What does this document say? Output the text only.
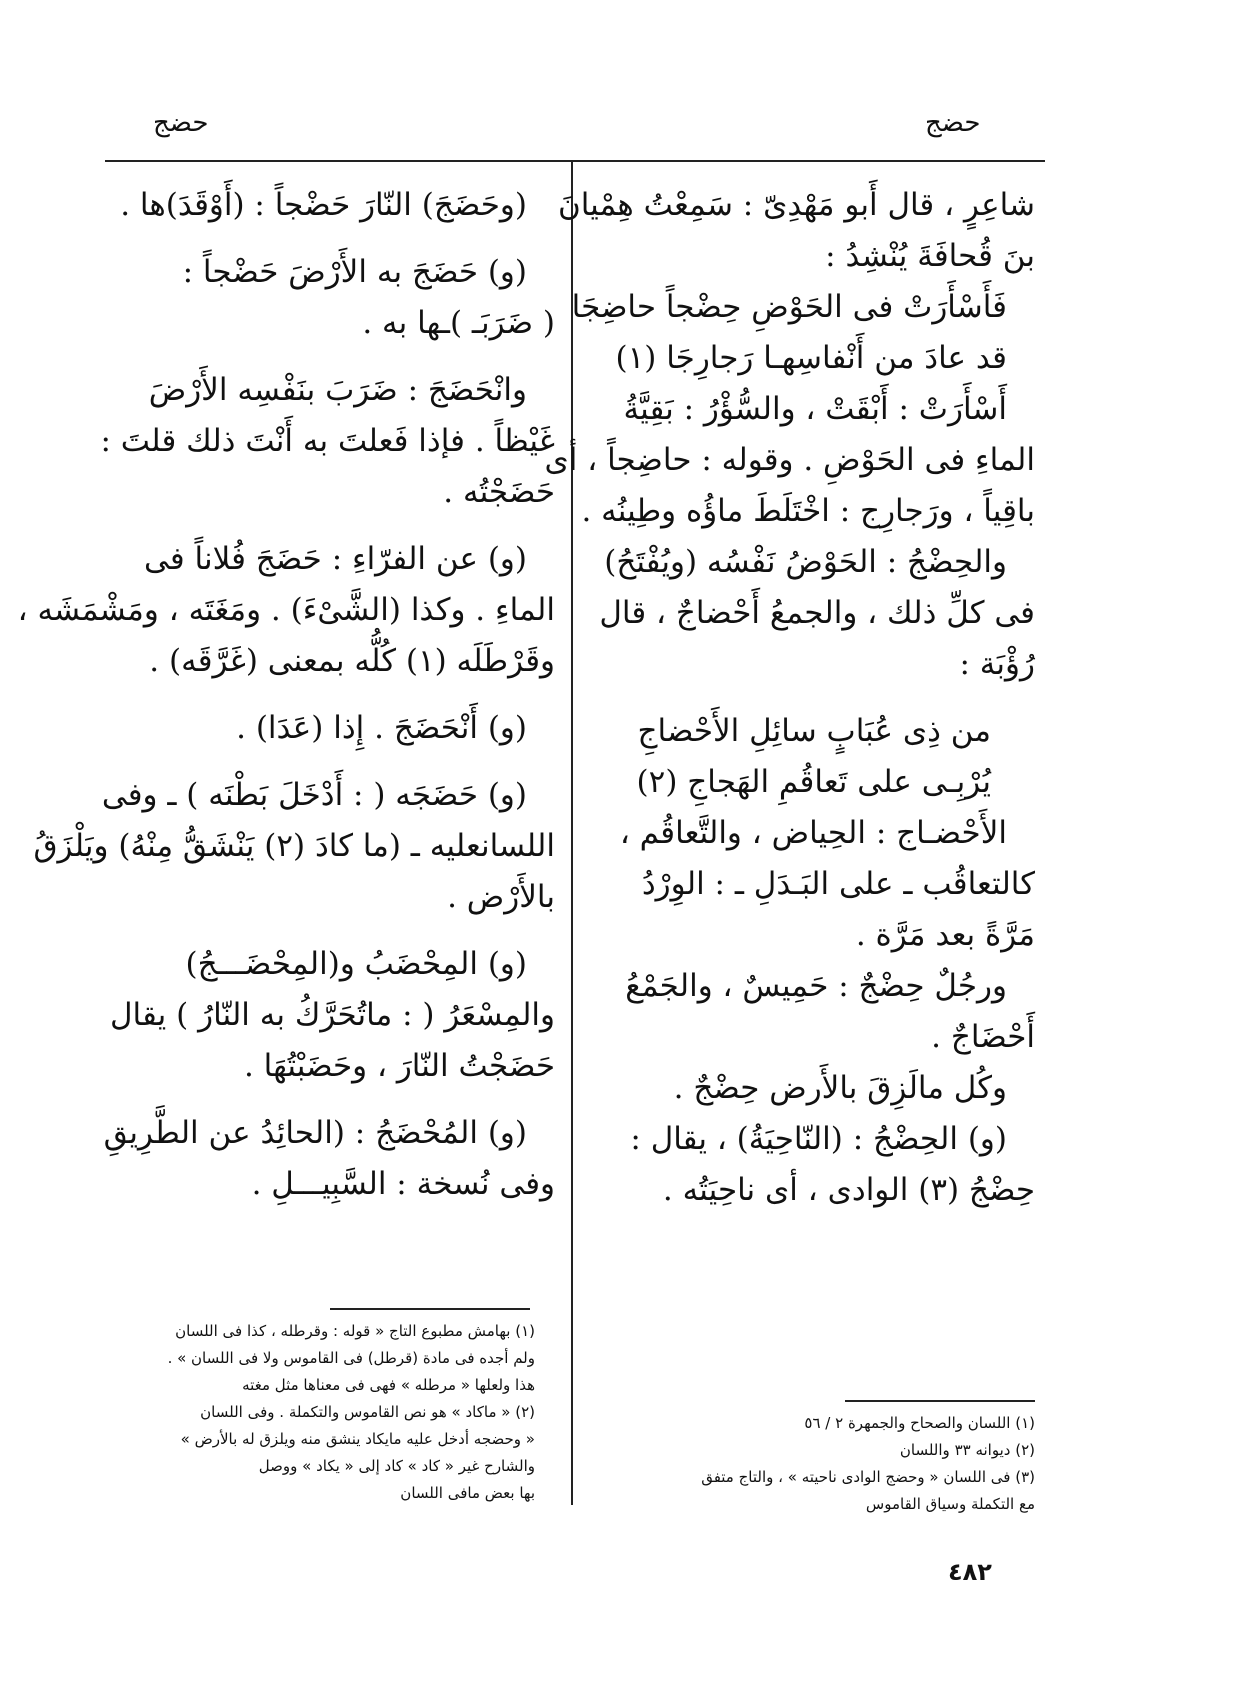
حضج
حضج
شاعِرٍ ، قال أَبو مَهْدِىّ : سَمِعْتُ هِمْيانَ
بنَ قُحافَةَ يُنْشِدُ :
فَأَسْأَرَتْ فى الحَوْضِ حِضْجاً حاضِجَا
قد عادَ من أَنْفاسِهـا رَجارِجَا (١)
أَسْأَرَتْ : أَبْقَتْ ، والسُّؤْرُ : بَقِيَّةُ
الماءِ فى الحَوْضِ . وقوله : حاضِجاً ، أى
باقِياً ، ورَجارِج : اخْتَلَطَ ماؤُه وطِينُه .
والحِضْجُ : الحَوْضُ نَفْسُه (ويُفْتَحُ)
فى كلِّ ذلك ، والجمعُ أَحْضاجٌ ، قال
رُؤْبَة :
من ذِى عُبَابٍ سائِلِ الأَحْضاجِ
يُرْبِـى على تَعاقُمِ الهَجاجِ (٢)
الأَحْضـاج : الحِياض ، والتَّعاقُم ،
كالتعاقُب ـ على البَـدَلِ ـ : الوِرْدُ
مَرَّةً بعد مَرَّة .
ورجُلٌ حِضْجٌ : حَمِيسٌ ، والجَمْعُ
أَحْضَاجٌ .
وكُل مالَزِقَ بالأَرض حِضْجٌ .
(و) الحِضْجُ : (النّاحِيَةُ) ، يقال :
حِضْجُ (٣) الوادى ، أى ناحِيَتُه .
(وحَضَجَ) النّارَ حَضْجاً : (أَوْقَدَ)ها .
(و) حَضَجَ به الأَرْضَ حَضْجاً :
( ضَرَبَـ )ـها به .
وانْحَضَجَ : ضَرَبَ بنَفْسِه الأَرْضَ
غَيْظاً . فإذا فَعلتَ به أَنْتَ ذلك قلتَ :
حَضَجْتُه .
(و) عن الفرّاءِ : حَضَجَ فُلاناً فى
الماءِ . وكذا (الشَّىْءَ) . ومَغَتَه ، ومَشْمَشَه ،
وقَرْطَلَه (١) كُلُّه بمعنى (غَرَّقَه) .
(و) أَنْحَضَجَ . إِذا (عَدَا) .
(و) حَضَجَه ( : أَدْخَلَ بَطْنَه ) ـ وفى
اللسانعليه ـ (ما كادَ (٢) يَنْشَقُّ مِنْهُ) ويَلْزَقُ
بالأَرْض .
(و) المِحْضَبُ و(المِحْضَـــجُ)
والمِسْعَرُ ( : ماتُحَرَّكُ به النّارُ ) يقال
حَضَجْتُ النّارَ ، وحَضَبْتُهَا .
(و) المُحْضَجُ : (الحائِدُ عن الطَّرِيقِ
وفى نُسخة : السَّبِيـــلِ .
(١) بهامش مطبوع التاج « قوله : وقرطله ، كذا فى اللسان
ولم أجده فى مادة (قرطل) فى القاموس ولا فى اللسان » .
هذا ولعلها « مرطله » فهى فى معناها مثل مغته
(٢) « ماكاد » هو نص القاموس والتكملة . وفى اللسان
« وحضجه أدخل عليه مايكاد ينشق منه ويلزق له بالأرض »
والشارح غير « كاد » كاد إلى « يكاد » ووصل
بها بعض مافى اللسان
(١) اللسان والصحاح والجمهرة ٢ / ٥٦
(٢) ديوانه ٣٣ واللسان
(٣) فى اللسان « وحضج الوادى ناحيته » ، والتاج متفق
مع التكملة وسياق القاموس
٤٨٢
